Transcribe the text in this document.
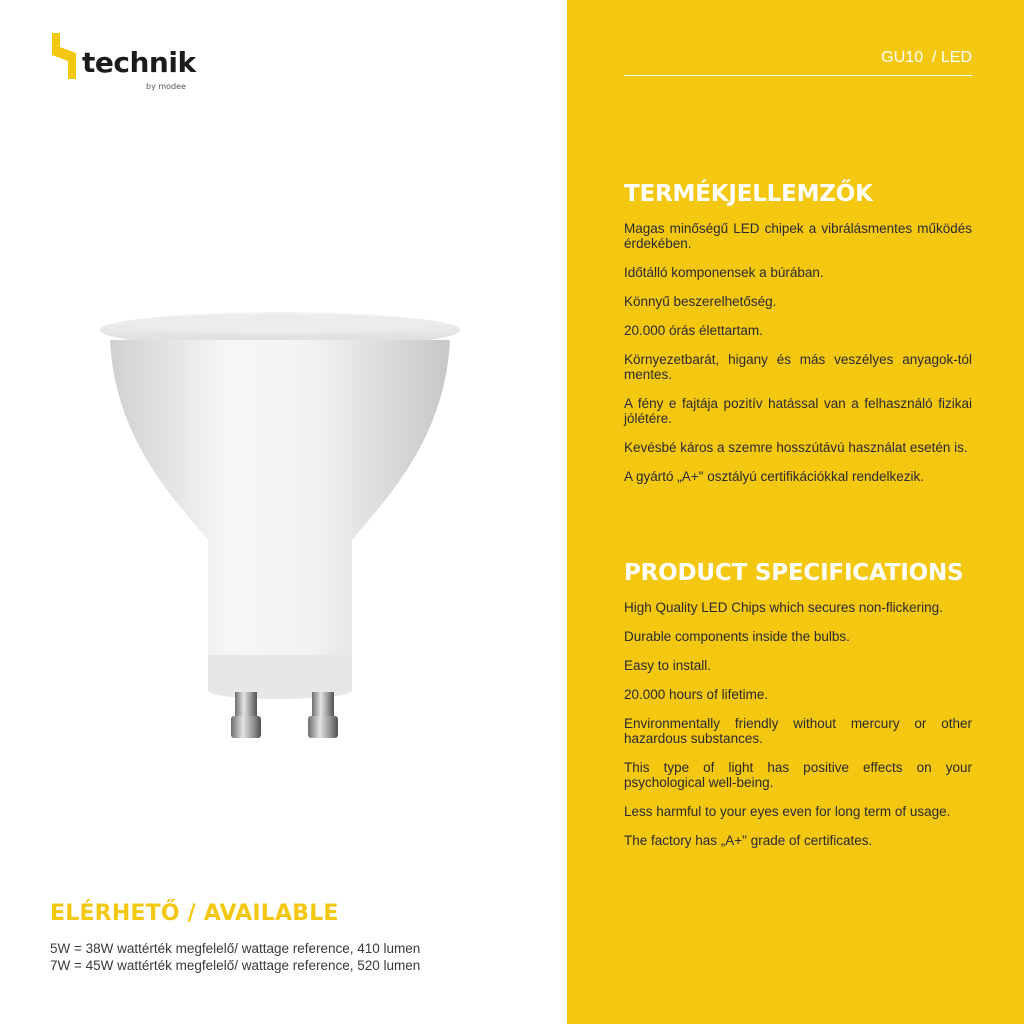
technik
by modee
ELÉRHETŐ / AVAILABLE
5W = 38W wattérték megfelelő/ wattage reference, 410 lumen
7W = 45W wattérték megfelelő/ wattage reference, 520 lumen
GU10  / LED
TERMÉKJELLEMZŐK

Magas minőségű LED chipek a vibrálásmentes működés érdekében.

Időtálló komponensek a búrában.

Könnyű beszerelhetőség.

20.000 órás élettartam.

Környezetbarát, higany és más veszélyes anyagok-tól mentes.

A fény e fajtája pozitív hatással van a felhasználó fizikai jólétére.

Kevésbé káros a szemre hosszútávú használat esetén is.

A gyártó „A+" osztályú certifikációkkal rendelkezik.

PRODUCT SPECIFICATIONS

High Quality LED Chips which secures non-flickering.

Durable components inside the bulbs.

Easy to install.

20.000 hours of lifetime.

Environmentally friendly without mercury or other hazardous substances.

This type of light has positive effects on your psychological well-being.

Less harmful to your eyes even for long term of usage.

The factory has „A+" grade of certificates.
